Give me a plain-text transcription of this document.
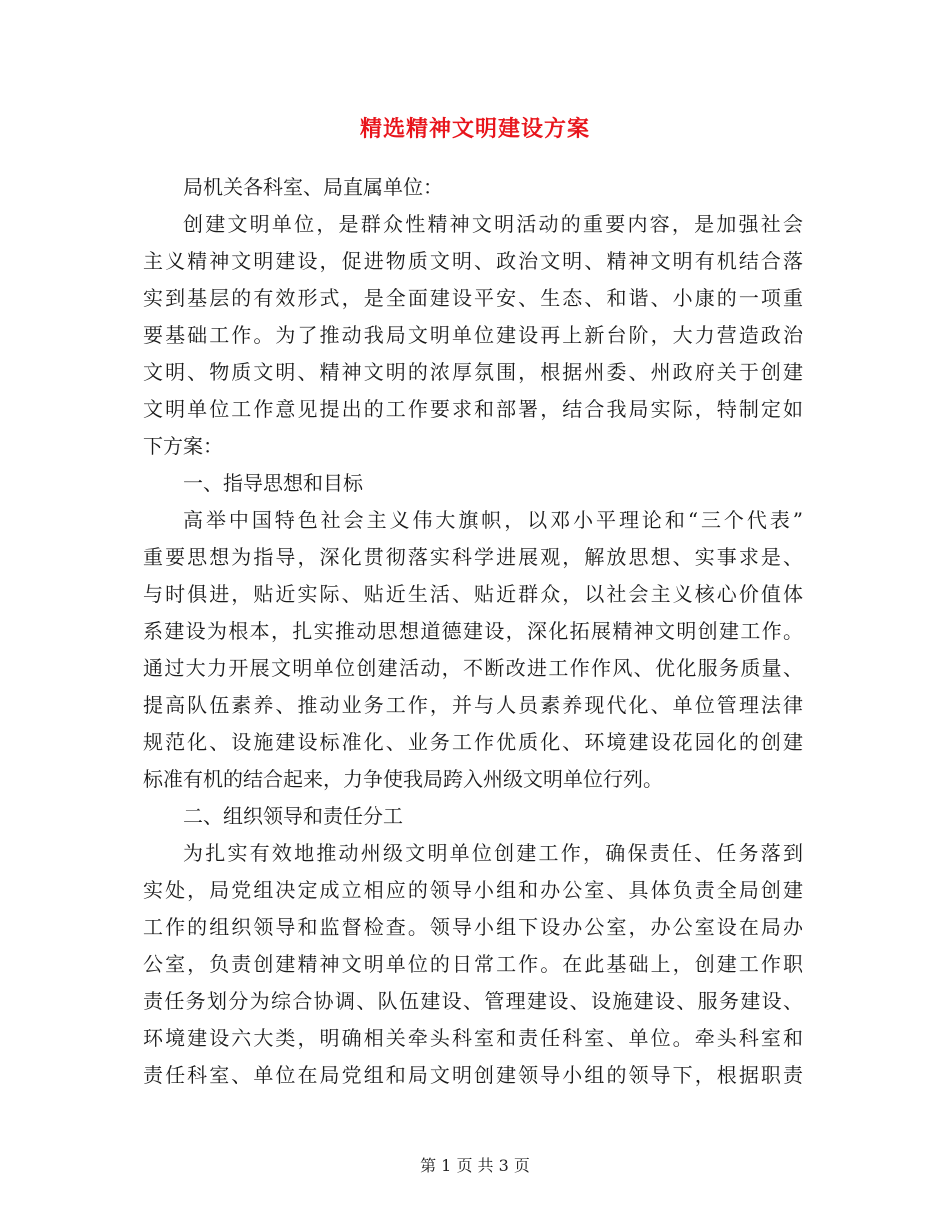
精选精神文明建设方案

局机关各科室、局直属单位：

创建文明单位，是群众性精神文明活动的重要内容，是加强社会
主义精神文明建设，促进物质文明、政治文明、精神文明有机结合落
实到基层的有效形式，是全面建设平安、生态、和谐、小康的一项重
要基础工作。为了推动我局文明单位建设再上新台阶，大力营造政治
文明、物质文明、精神文明的浓厚氛围，根据州委、州政府关于创建
文明单位工作意见提出的工作要求和部署，结合我局实际，特制定如
下方案：

一、指导思想和目标

高举中国特色社会主义伟大旗帜，以邓小平理论和“三个代表”
重要思想为指导，深化贯彻落实科学进展观，解放思想、实事求是、
与时俱进，贴近实际、贴近生活、贴近群众，以社会主义核心价值体
系建设为根本，扎实推动思想道德建设，深化拓展精神文明创建工作。
通过大力开展文明单位创建活动，不断改进工作作风、优化服务质量、
提高队伍素养、推动业务工作，并与人员素养现代化、单位管理法律
规范化、设施建设标准化、业务工作优质化、环境建设花园化的创建
标准有机的结合起来，力争使我局跨入州级文明单位行列。

二、组织领导和责任分工

为扎实有效地推动州级文明单位创建工作，确保责任、任务落到
实处，局党组决定成立相应的领导小组和办公室、具体负责全局创建
工作的组织领导和监督检查。领导小组下设办公室，办公室设在局办
公室，负责创建精神文明单位的日常工作。在此基础上，创建工作职
责任务划分为综合协调、队伍建设、管理建设、设施建设、服务建设、
环境建设六大类，明确相关牵头科室和责任科室、单位。牵头科室和
责任科室、单位在局党组和局文明创建领导小组的领导下，根据职责

第 1 页 共 3 页
